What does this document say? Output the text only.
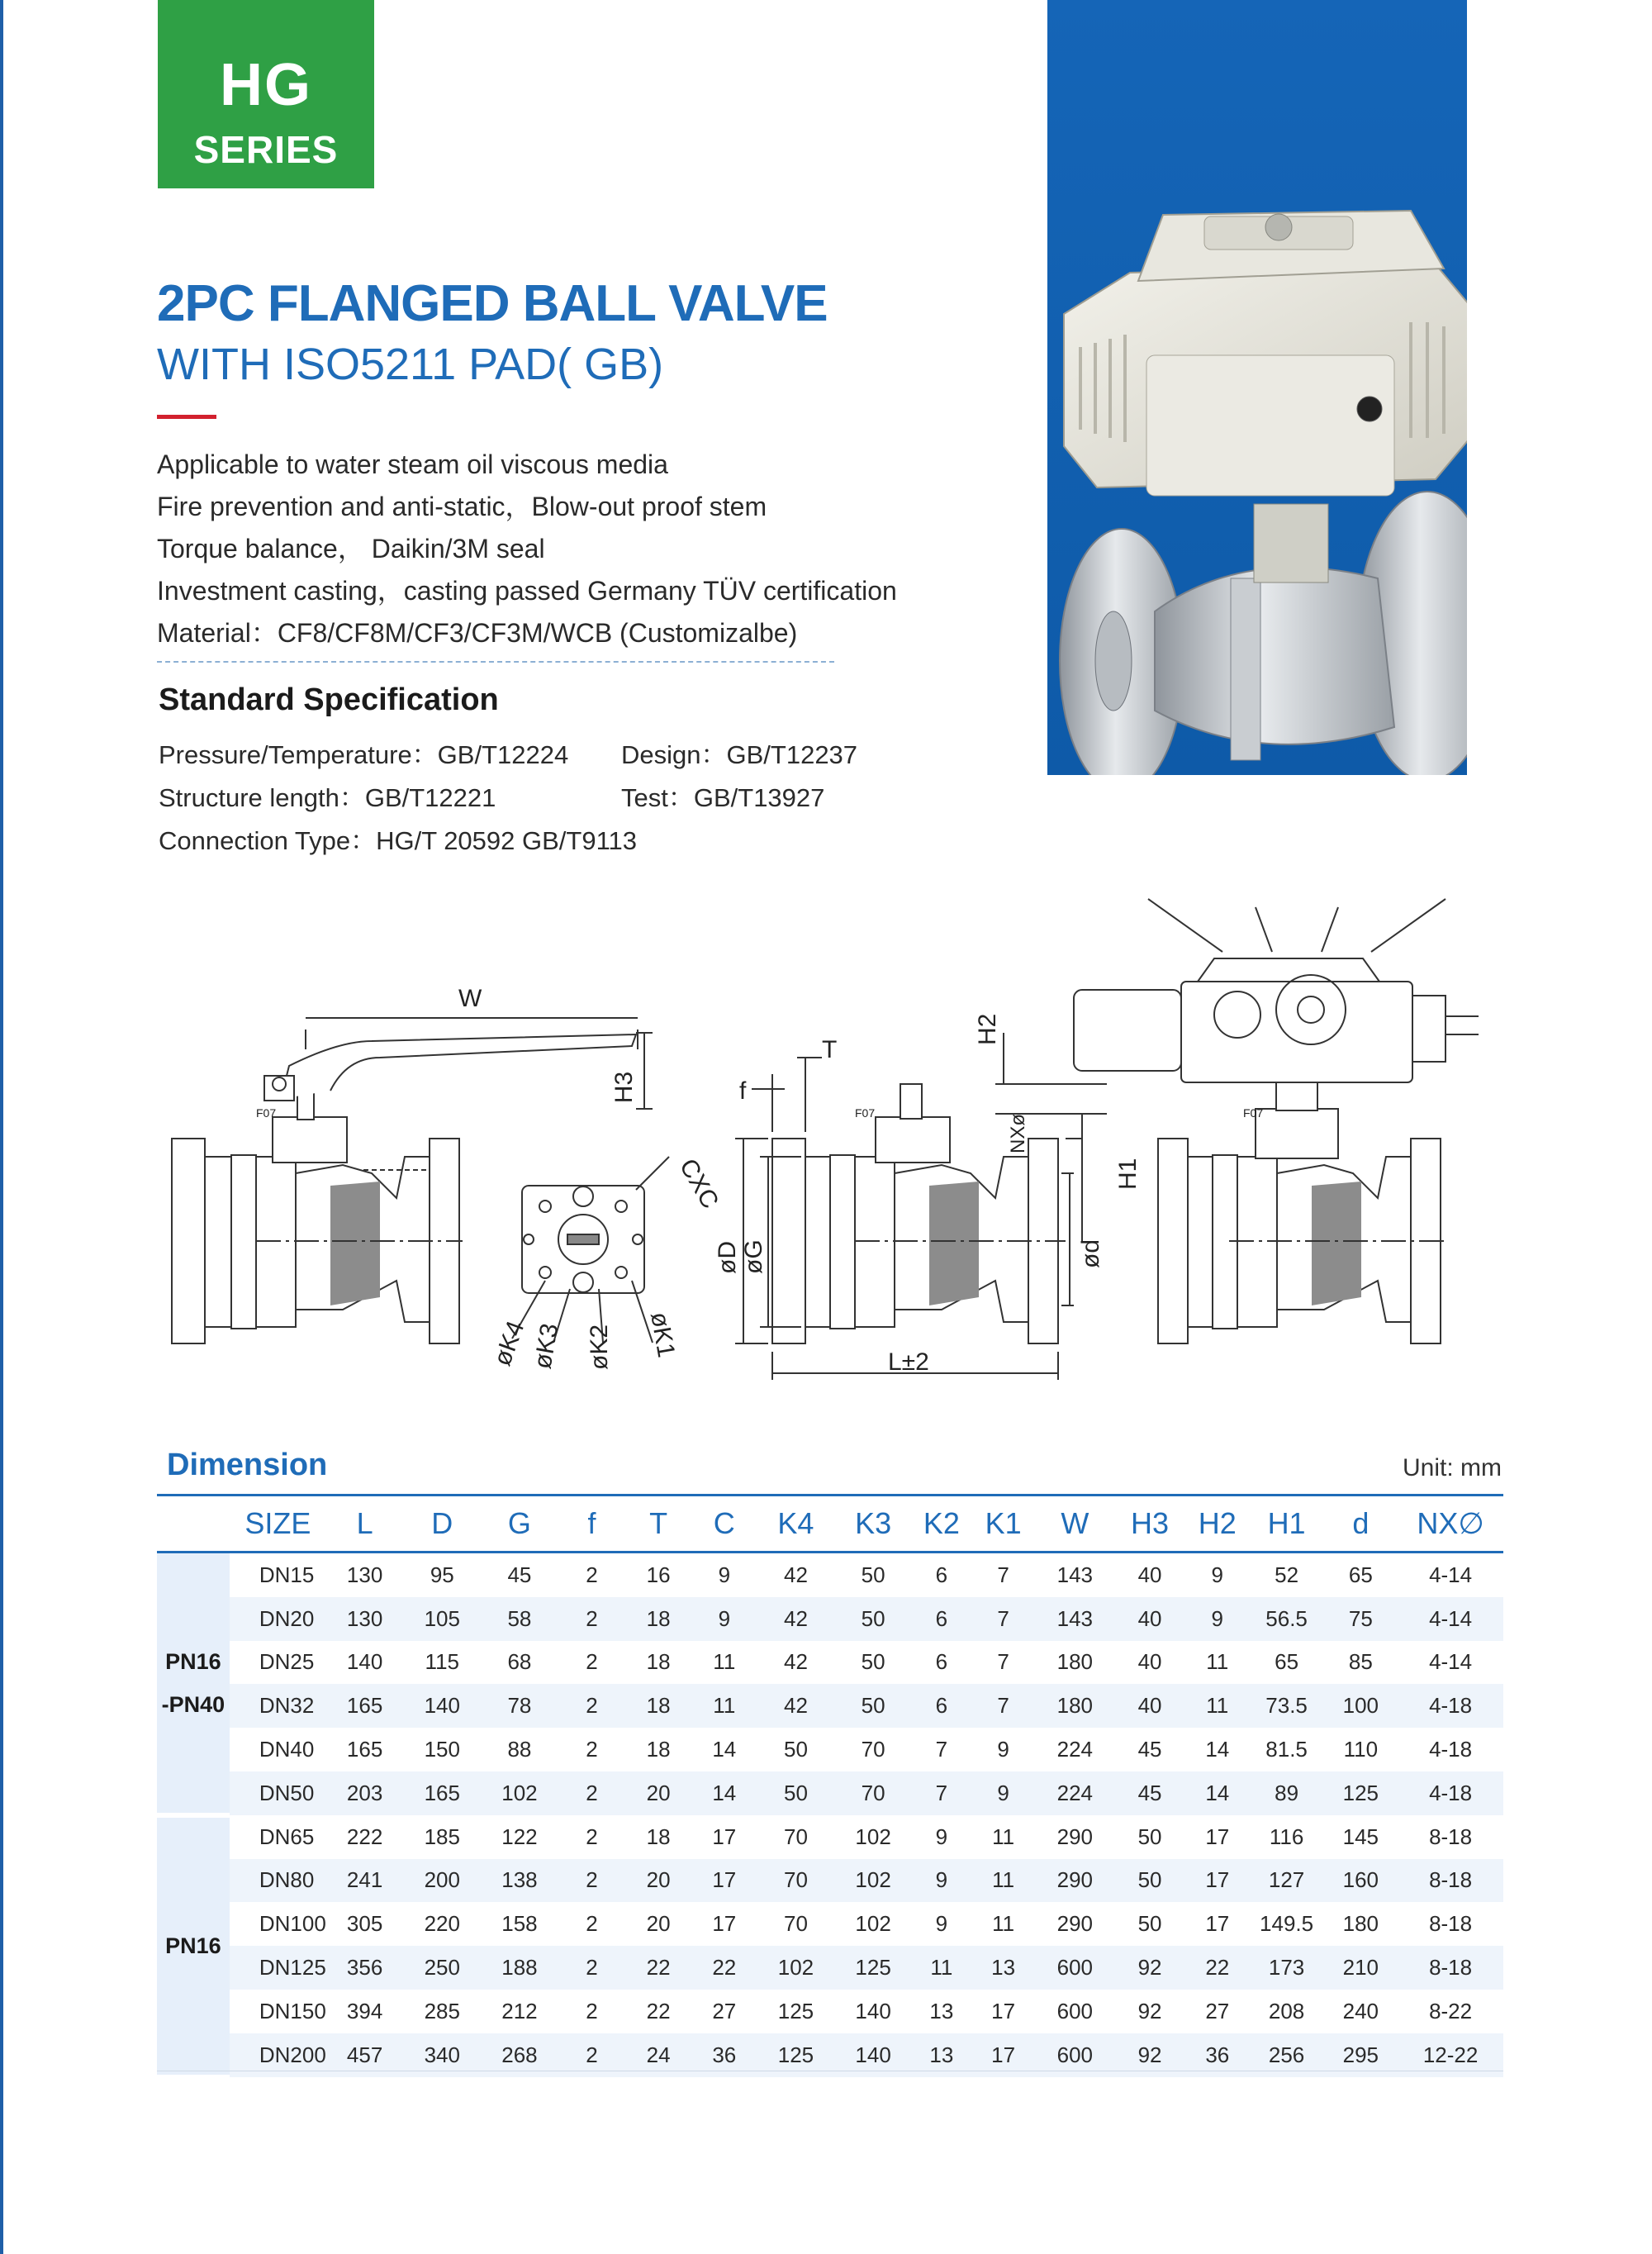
HG
SERIES
2PC FLANGED BALL VALVE
WITH ISO5211 PAD( GB)
Applicable to water steam oil viscous media
Fire prevention and anti-static，Blow-out proof stem
Torque balance， Daikin/3M seal
Investment casting，casting passed Germany TÜV certification
Material：CF8/CF8M/CF3/CF3M/WCB (Customizalbe)
Standard Specification
Pressure/Temperature：GB/T12224 Design：GB/T12237
Structure length：GB/T12221	Test：GB/T13927
Connection Type：HG/T 20592 GB/T9113
W
H3
F07
CXC
øK4
øK3 øK2 øK1
T
f
H2
NXø
H1
øD øG	ød
L±2
F07	F07
Dimension	Unit: mm
	SIZE	L	D	G	f	T	C	K4	K3	K2	K1	W	H3	H2	H1	d	NX∅
PN16
-PN40	DN15	130	95	45	2	16	9	42	50	6	7	143	40	9	52	65	4-14
	DN20	130	105	58	2	18	9	42	50	6	7	143	40	9	56.5	75	4-14
	DN25	140	115	68	2	18	11	42	50	6	7	180	40	11	65	85	4-14
	DN32	165	140	78	2	18	11	42	50	6	7	180	40	11	73.5	100	4-18
	DN40	165	150	88	2	18	14	50	70	7	9	224	45	14	81.5	110	4-18
	DN50	203	165	102	2	20	14	50	70	7	9	224	45	14	89	125	4-18
PN16	DN65	222	185	122	2	18	17	70	102	9	11	290	50	17	116	145	8-18
	DN80	241	200	138	2	20	17	70	102	9	11	290	50	17	127	160	8-18
	DN100	305	220	158	2	20	17	70	102	9	11	290	50	17	149.5	180	8-18
	DN125	356	250	188	2	22	22	102	125	11	13	600	92	22	173	210	8-18
	DN150	394	285	212	2	22	27	125	140	13	17	600	92	27	208	240	8-22
	DN200	457	340	268	2	24	36	125	140	13	17	600	92	36	256	295	12-22
